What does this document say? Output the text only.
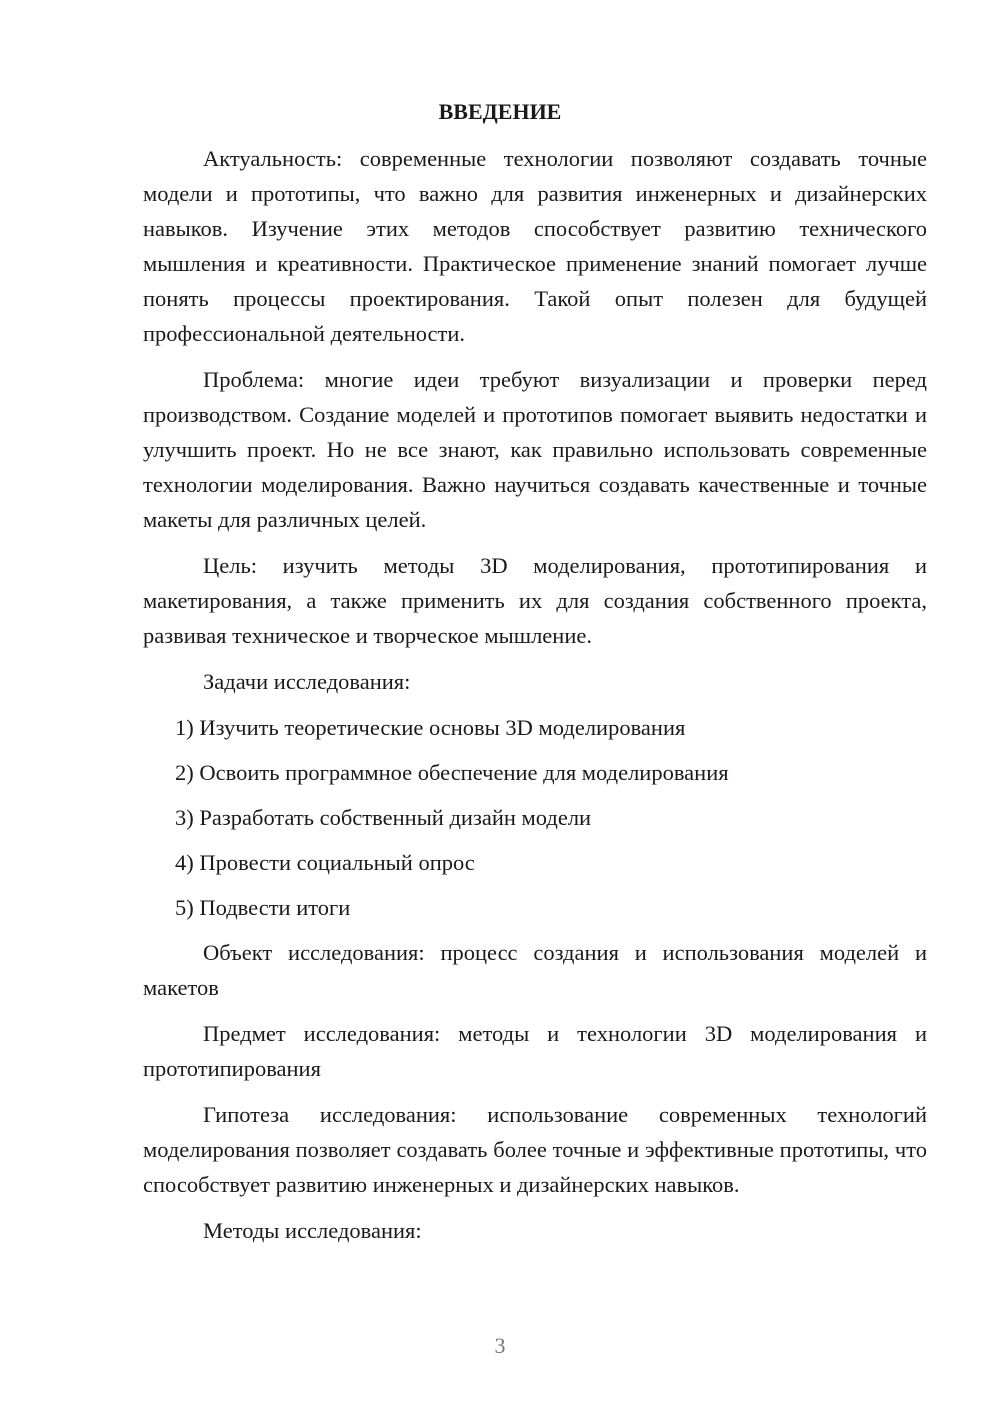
ВВЕДЕНИЕ

Актуальность: современные технологии позволяют создавать точные модели и прототипы, что важно для развития инженерных и дизайнерских навыков. Изучение этих методов способствует развитию технического мышления и креативности. Практическое применение знаний помогает лучше понять процессы проектирования. Такой опыт полезен для будущей профессиональной деятельности.

Проблема: многие идеи требуют визуализации и проверки перед производством. Создание моделей и прототипов помогает выявить недостатки и улучшить проект. Но не все знают, как правильно использовать современные технологии моделирования. Важно научиться создавать качественные и точные макеты для различных целей.

Цель: изучить методы 3D моделирования, прототипирования и макетирования, а также применить их для создания собственного проекта, развивая техническое и творческое мышление.

Задачи исследования:

1) Изучить теоретические основы 3D моделирования

2) Освоить программное обеспечение для моделирования

3) Разработать собственный дизайн модели

4) Провести социальный опрос

5) Подвести итоги

Объект исследования: процесс создания и использования моделей и макетов

Предмет исследования: методы и технологии 3D моделирования и прототипирования

Гипотеза исследования: использование современных технологий моделирования позволяет создавать более точные и эффективные прототипы, что способствует развитию инженерных и дизайнерских навыков.

Методы исследования:

3
